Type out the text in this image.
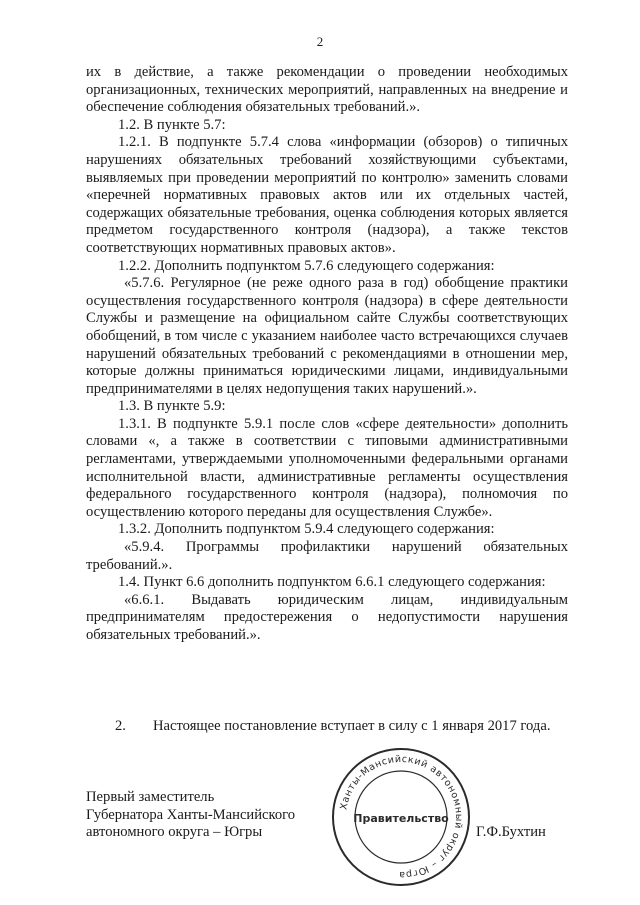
2

их в действие, а также рекомендации о проведении необходимых организационных, технических мероприятий, направленных на внедрение и обеспечение соблюдения обязательных требований.».

1.2. В пункте 5.7:

1.2.1. В подпункте 5.7.4 слова «информации (обзоров) о типичных нарушениях обязательных требований хозяйствующими субъектами, выявляемых при проведении мероприятий по контролю» заменить словами «перечней нормативных правовых актов или их отдельных частей, содержащих обязательные требования, оценка соблюдения которых является предметом государственного контроля (надзора), а также текстов соответствующих нормативных правовых актов».

1.2.2. Дополнить подпунктом 5.7.6 следующего содержания:

«5.7.6. Регулярное (не реже одного раза в год) обобщение практики осуществления государственного контроля (надзора) в сфере деятельности Службы и размещение на официальном сайте Службы соответствующих обобщений, в том числе с указанием наиболее часто встречающихся случаев нарушений обязательных требований с рекомендациями в отношении мер, которые должны приниматься юридическими лицами, индивидуальными предпринимателями в целях недопущения таких нарушений.».

1.3. В пункте 5.9:

1.3.1. В подпункте 5.9.1 после слов «сфере деятельности» дополнить словами «, а также в соответствии с типовыми административными регламентами, утверждаемыми уполномоченными федеральными органами исполнительной власти, административные регламенты осуществления федерального государственного контроля (надзора), полномочия по осуществлению которого переданы для осуществления Службе».

1.3.2. Дополнить подпунктом 5.9.4 следующего содержания:

«5.9.4. Программы профилактики нарушений обязательных требований.».

1.4. Пункт 6.6 дополнить подпунктом 6.6.1 следующего содержания:

«6.6.1. Выдавать юридическим лицам, индивидуальным предпринимателям предостережения о недопустимости нарушения обязательных требований.».

2. Настоящее постановление вступает в силу с 1 января 2017 года.
Первый заместитель
Губернатора Ханты-Мансийского
автономного округа – Югры
Ханты-Мансийский автономный округ – Югра
Правительство
Г.Ф.Бухтин
